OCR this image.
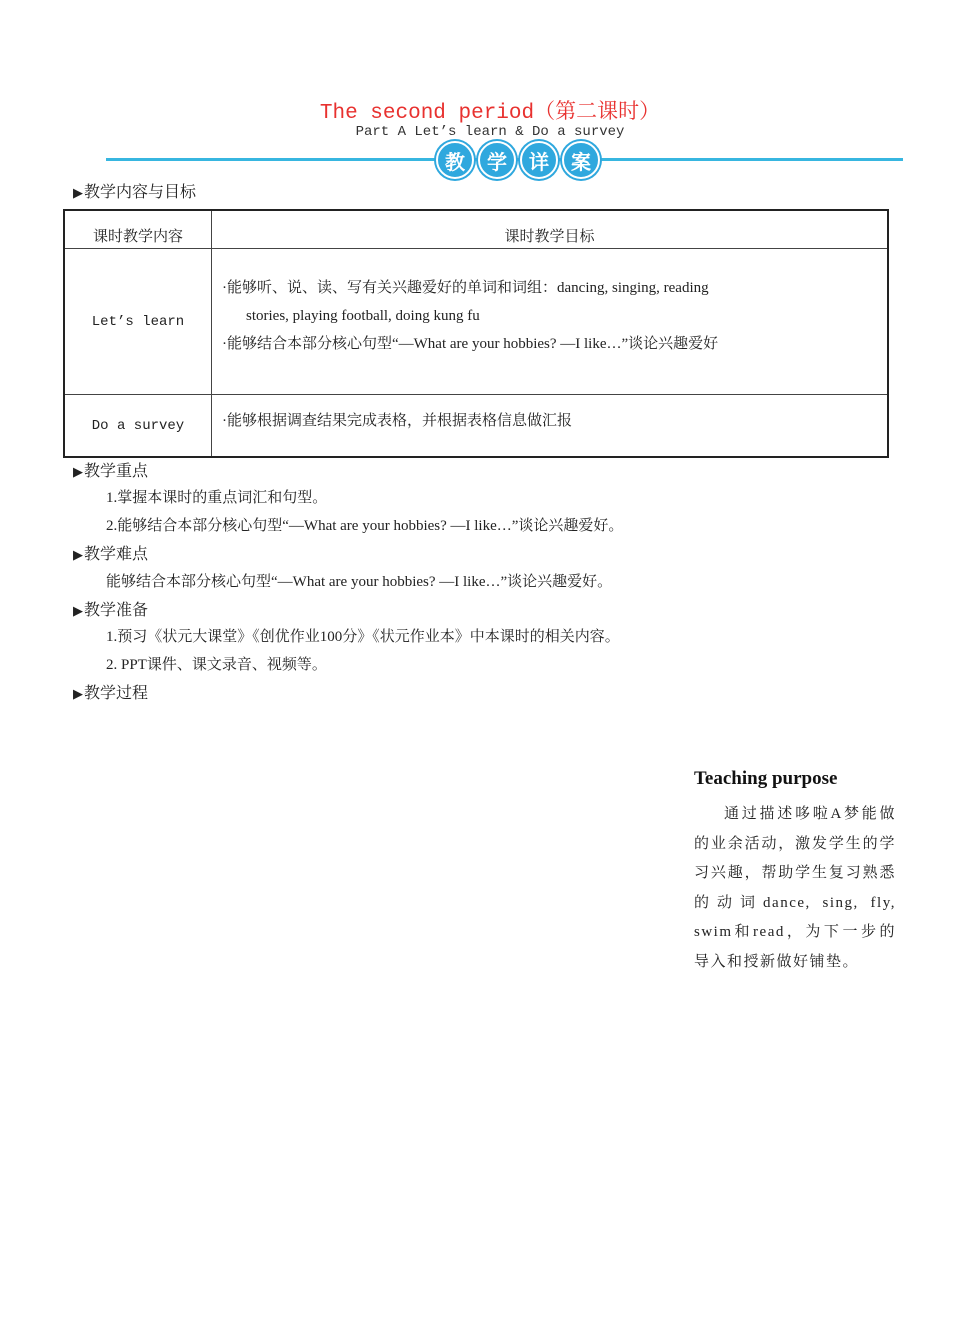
The second period（第二课时）
Part A Let’s learn & Do a survey
教	学	详	案
▶教学内容与目标
课时教学内容	课时教学目标
Let’s learn	·能够听、说、读、写有关兴趣爱好的单词和词组：dancing, singing, reading

stories, playing football, doing kung fu

·能够结合本部分核心句型“—What are your hobbies? —I like…”谈论兴趣爱好

Do a survey	·能够根据调查结果完成表格，并根据表格信息做汇报

▶教学重点
1.掌握本课时的重点词汇和句型。
2.能够结合本部分核心句型“—What are your hobbies? —I like…”谈论兴趣爱好。
▶教学难点
能够结合本部分核心句型“—What are your hobbies? —I like…”谈论兴趣爱好。
▶教学准备
1.预习《状元大课堂》《创优作业100分》《状元作业本》中本课时的相关内容。
2. PPT课件、课文录音、视频等。
▶教学过程
Teaching purpose
通过描述哆啦A梦能做的业余活动，激发学生的学习兴趣，帮助学生复习熟悉的动词dance, sing, fly, swim和read，为下一步的导入和授新做好铺垫。
